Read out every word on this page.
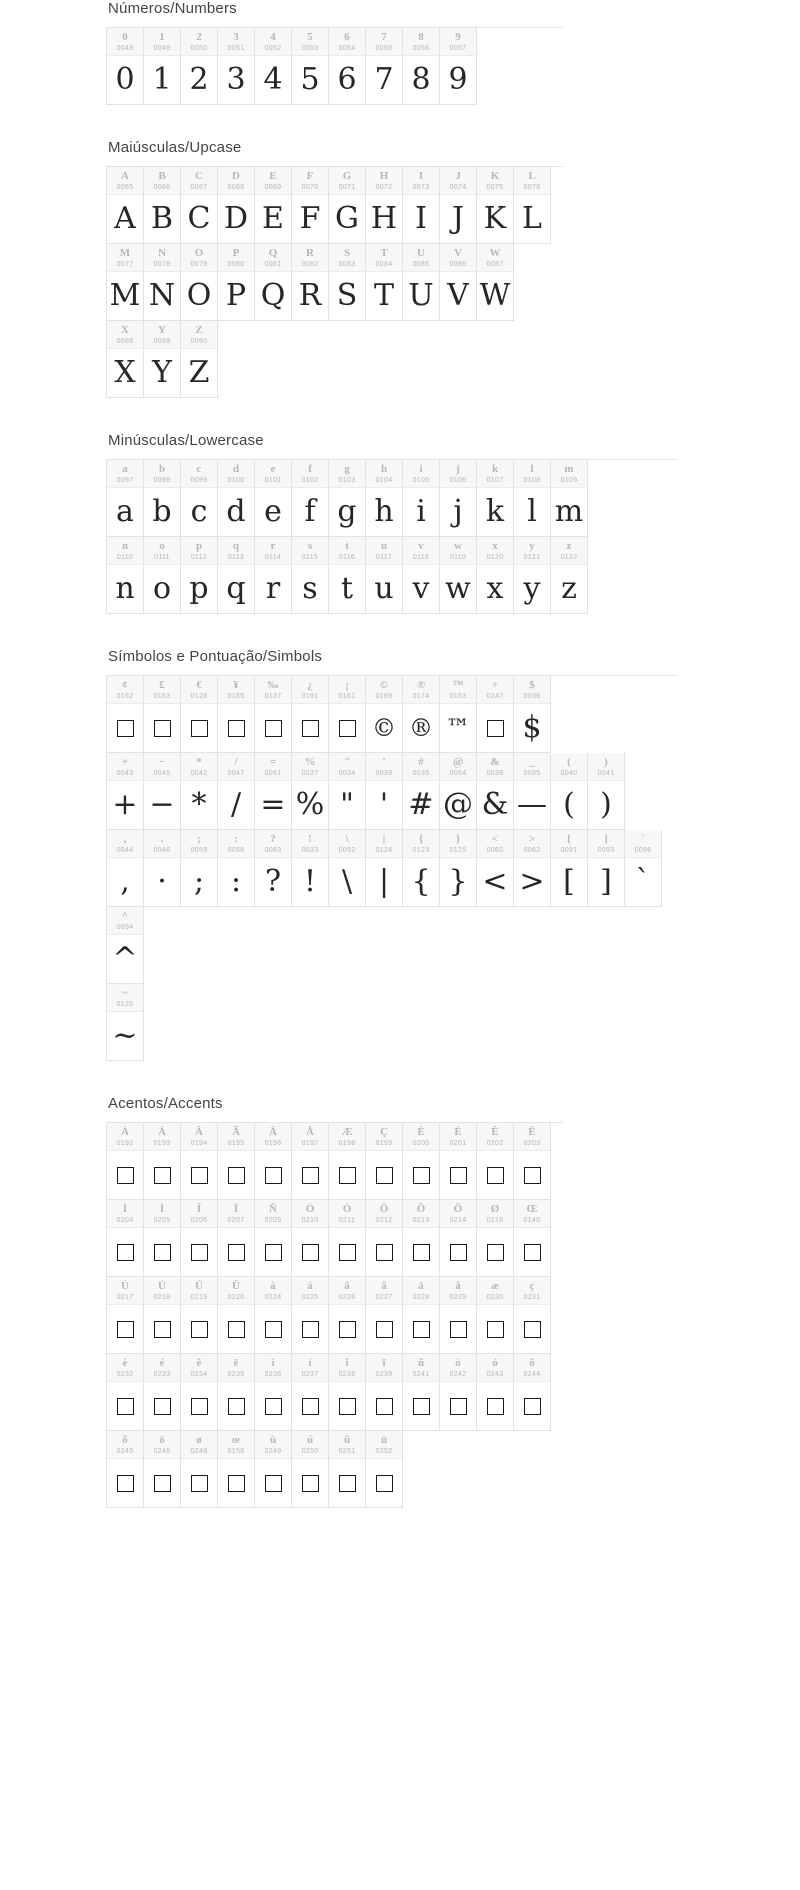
Números/Numbers
0
0048
0
1
0049
1
2
0050
2
3
0051
3
4
0052
4
5
0053
5
6
0054
6
7
0055
7
8
0056
8
9
0057
9
Maiúsculas/Upcase
A
0065
A
B
0066
B
C
0067
C
D
0068
D
E
0069
E
F
0070
F
G
0071
G
H
0072
H
I
0073
I
J
0074
J
K
0075
K
L
0076
L
M
0077
M
N
0078
N
O
0079
O
P
0080
P
Q
0081
Q
R
0082
R
S
0083
S
T
0084
T
U
0085
U
V
0086
V
W
0087
W
X
0088
X
Y
0089
Y
Z
0090
Z
Minúsculas/Lowercase
a
0097
a
b
0098
b
c
0099
c
d
0100
d
e
0101
e
f
0102
f
g
0103
g
h
0104
h
i
0105
i
j
0106
j
k
0107
k
l
0108
l
m
0109
m
n
0110
n
o
0111
o
p
0112
p
q
0113
q
r
0114
r
s
0115
s
t
0116
t
u
0117
u
v
0118
v
w
0119
w
x
0120
x
y
0121
y
z
0122
z
Símbolos e Pontuação/Simbols
¢
0162
£
0163
€
0128
¥
0165
‰
0137
¿
0191
¡
0161
©
0169
©
®
0174
®
™
0153
™
÷
0247
$
0036
$
+
0043
+
−
0045
−
*
0042
*
/
0047
/
=
0061
=
%
0037
%
"
0034
"
'
0039
'
#
0035
#
@
0064
@
&
0038
&
_
0095
—
(
0040
(
)
0041
)
,
0044
,
.
0046
·
;
0059
;
:
0058
:
?
0063
?
!
0033
!
\
0092
\
|
0124
|
{
0123
{
}
0125
}
<
0060
<
>
0062
>
[
0091
[
]
0093
]
`
0096
ˋ
^
0094
^
~
0126
~
Acentos/Accents
À
0192
Á
0193
Â
0194
Ã
0195
Ä
0196
Å
0197
Æ
0198
Ç
0199
È
0200
É
0201
Ê
0202
Ë
0203
Ì
0204
Í
0205
Î
0206
Ï
0207
Ñ
0209
Ò
0210
Ó
0211
Ô
0212
Õ
0213
Ö
0214
Ø
0216
Œ
0140
Ù
0217
Ú
0218
Û
0219
Ü
0220
à
0224
á
0225
â
0226
ã
0227
ä
0228
å
0229
æ
0230
ç
0231
è
0232
é
0233
ê
0234
ë
0235
ì
0236
í
0237
î
0238
ï
0239
ñ
0241
ò
0242
ó
0243
ô
0244
õ
0245
ö
0246
ø
0248
œ
0156
ù
0249
ú
0250
û
0251
ü
0252
